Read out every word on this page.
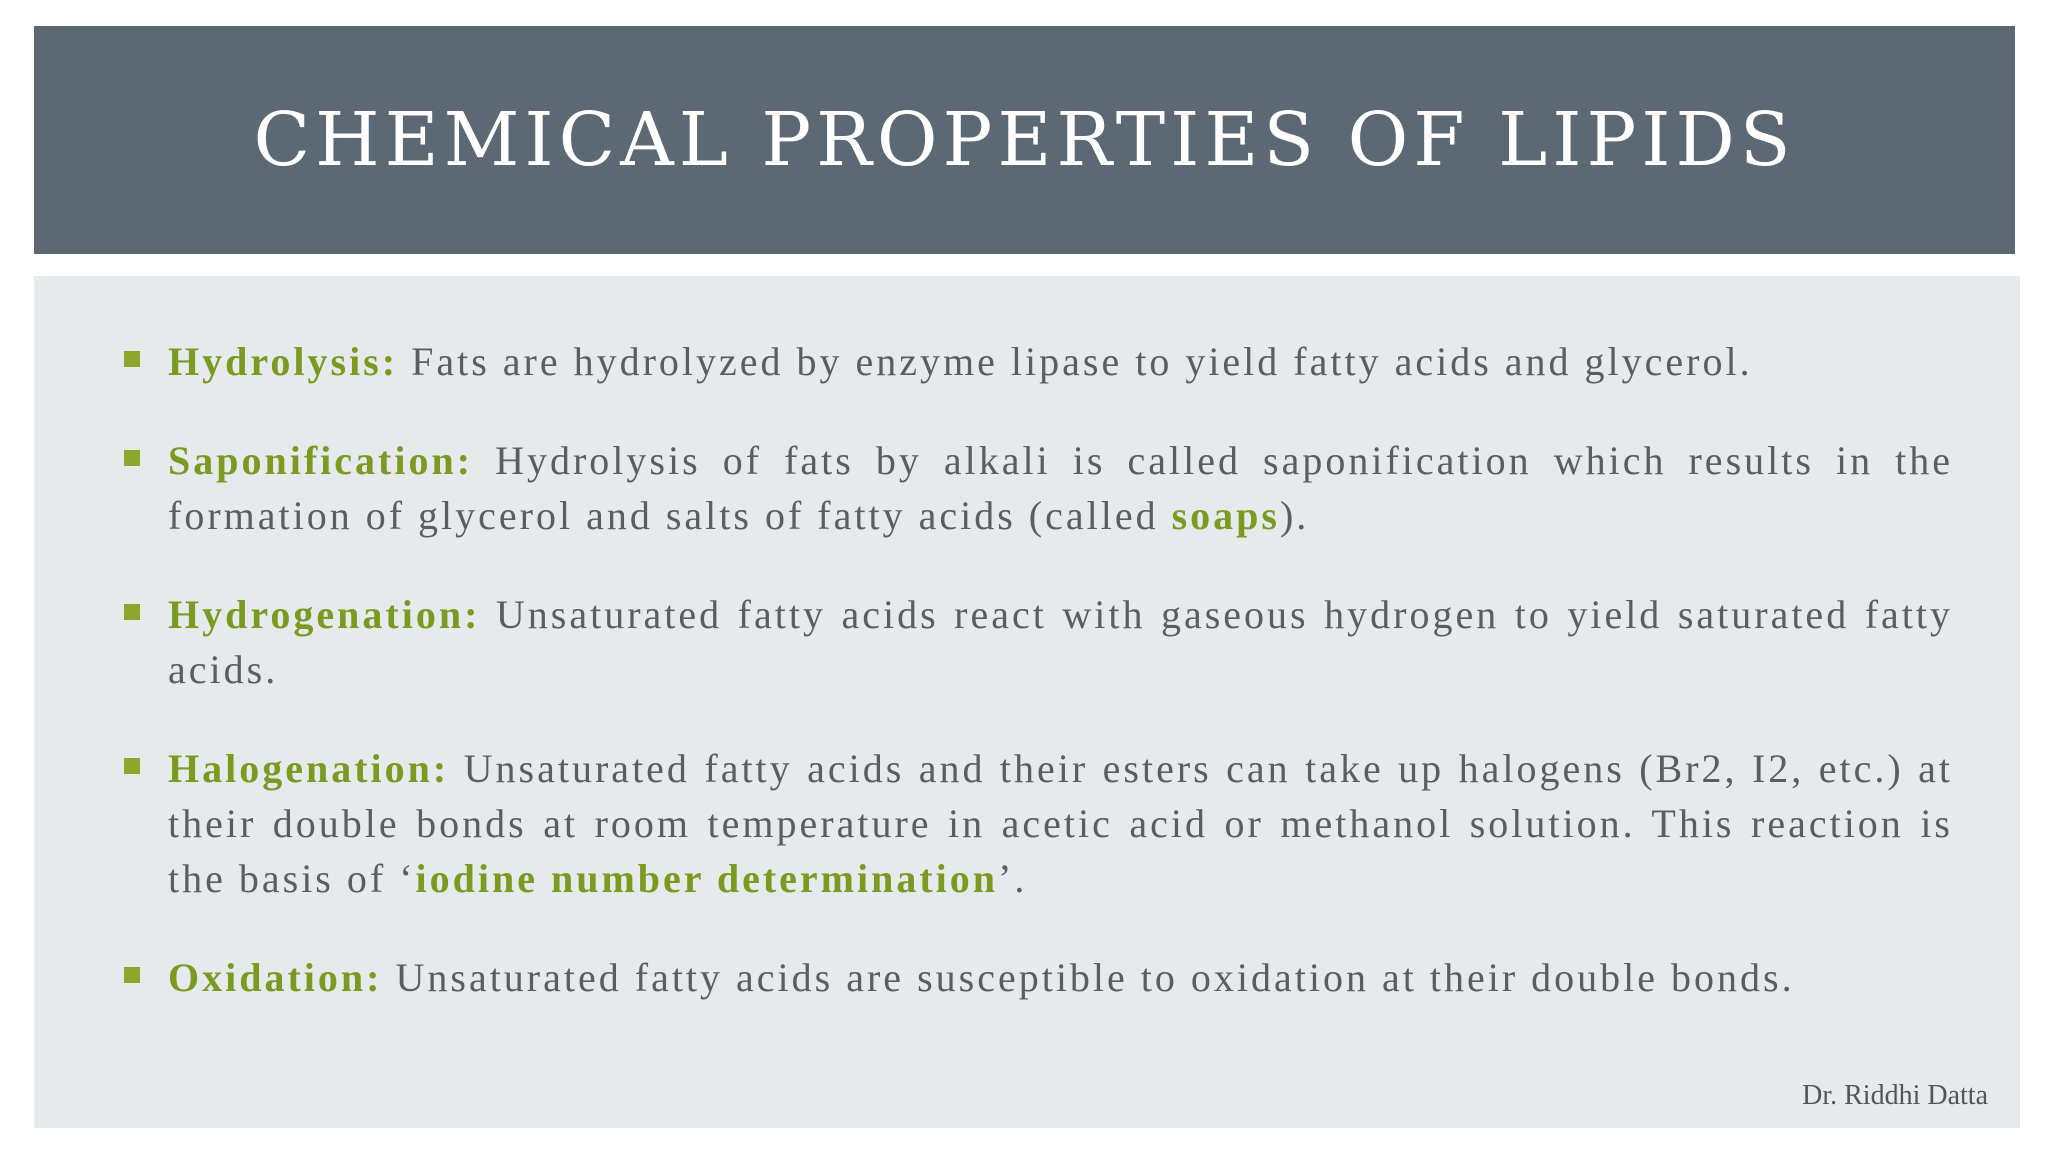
CHEMICAL PROPERTIES OF LIPIDS
Hydrolysis: Fats are hydrolyzed by enzyme lipase to yield fatty acids and glycerol.
Saponification: Hydrolysis of fats by alkali is called saponification which results in the formation of glycerol and salts of fatty acids (called soaps).
Hydrogenation: Unsaturated fatty acids react with gaseous hydrogen to yield saturated fatty acids.
Halogenation: Unsaturated fatty acids and their esters can take up halogens (Br2, I2, etc.) at their double bonds at room temperature in acetic acid or methanol solution. This reaction is the basis of ‘iodine number determination’.
Oxidation: Unsaturated fatty acids are susceptible to oxidation at their double bonds.

Dr. Riddhi Datta
